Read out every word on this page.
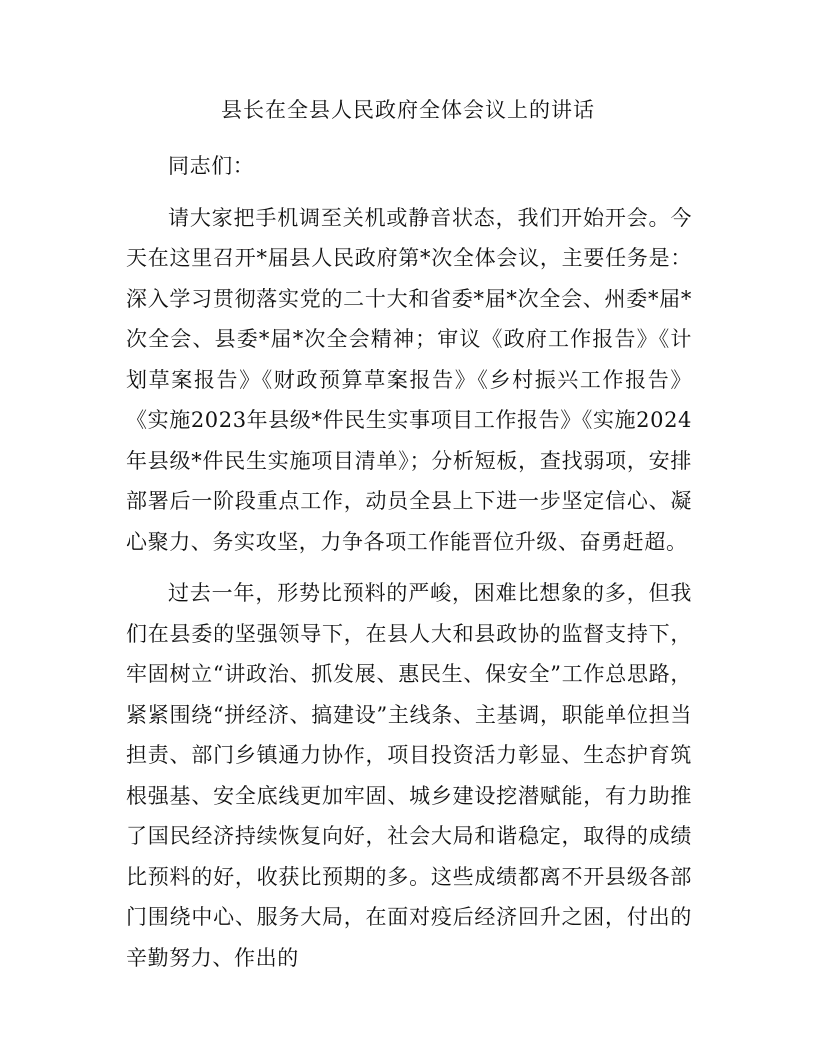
县长在全县人民政府全体会议上的讲话

同志们：

请大家把手机调至关机或静音状态，我们开始开会。今天在这里召开*届县人民政府第*次全体会议，主要任务是：深入学习贯彻落实党的二十大和省委*届*次全会、州委*届*次全会、县委*届*次全会精神；审议《政府工作报告》《计划草案报告》《财政预算草案报告》《乡村振兴工作报告》《实施2023年县级*件民生实事项目工作报告》《实施2024年县级*件民生实施项目清单》；分析短板，查找弱项，安排部署后一阶段重点工作，动员全县上下进一步坚定信心、凝心聚力、务实攻坚，力争各项工作能晋位升级、奋勇赶超。

过去一年，形势比预料的严峻，困难比想象的多，但我们在县委的坚强领导下，在县人大和县政协的监督支持下，牢固树立“讲政治、抓发展、惠民生、保安全”工作总思路，紧紧围绕“拼经济、搞建设”主线条、主基调，职能单位担当担责、部门乡镇通力协作，项目投资活力彰显、生态护育筑根强基、安全底线更加牢固、城乡建设挖潜赋能，有力助推了国民经济持续恢复向好，社会大局和谐稳定，取得的成绩比预料的好，收获比预期的多。这些成绩都离不开县级各部门围绕中心、服务大局，在面对疫后经济回升之困，付出的辛勤努力、作出的
